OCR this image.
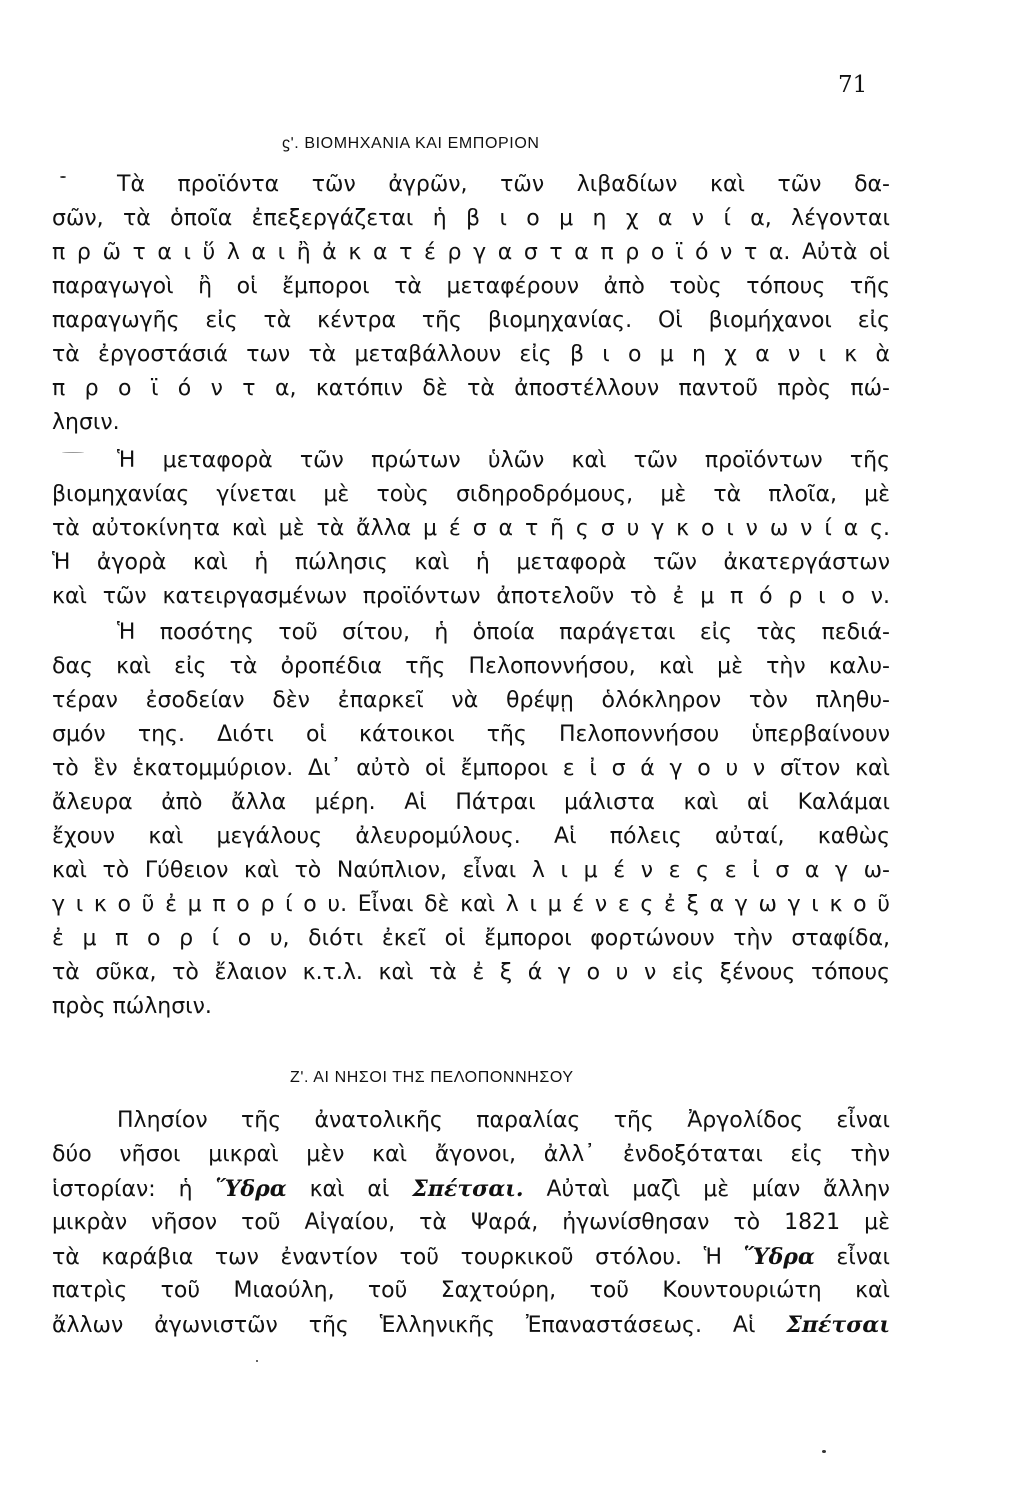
71
ϛʹ. ΒΙΟΜΗΧΑΝΙΑ ΚΑΙ ΕΜΠΟΡΙΟΝ
Τὰ προϊόντα τῶν ἀγρῶν, τῶν λιβαδίων καὶ τῶν δα-
σῶν, τὰ ὁποῖα ἐπεξεργάζεται ἡ β ι ο μ η χ α ν ί α, λέγονται
π ρ ῶ τ α ι ὕ λ α ι ἢ ἀ κ α τ έ ρ γ α σ τ α π ρ ο ϊ ό ν τ α. Αὐτὰ οἱ
παραγωγοὶ ἢ οἱ ἔμποροι τὰ μεταφέρουν ἀπὸ τοὺς τόπους τῆς
παραγωγῆς εἰς τὰ κέντρα τῆς βιομηχανίας. Οἱ βιομήχανοι εἰς
τὰ ἐργοστάσιά των τὰ μεταβάλλουν εἰς β ι ο μ η χ α ν ι κ ὰ
π ρ ο ϊ ό ν τ α, κατόπιν δὲ τὰ ἀποστέλλουν παντοῦ πρὸς πώ-
λησιν.
Ἡ μεταφορὰ τῶν πρώτων ὑλῶν καὶ τῶν προϊόντων τῆς
βιομηχανίας γίνεται μὲ τοὺς σιδηροδρόμους, μὲ τὰ πλοῖα, μὲ
τὰ αὐτοκίνητα καὶ μὲ τὰ ἄλλα μ έ σ α τ ῆ ς σ υ γ κ ο ι ν ω ν ί α ς.
Ἡ ἀγορὰ καὶ ἡ πώλησις καὶ ἡ μεταφορὰ τῶν ἀκατεργάστων
καὶ τῶν κατειργασμένων προϊόντων ἀποτελοῦν τὸ ἐ μ π ό ρ ι ο ν.
Ἡ ποσότης τοῦ σίτου, ἡ ὁποία παράγεται εἰς τὰς πεδιά-
δας καὶ εἰς τὰ ὀροπέδια τῆς Πελοποννήσου, καὶ μὲ τὴν καλυ-
τέραν ἐσοδείαν δὲν ἐπαρκεῖ νὰ θρέψῃ ὁλόκληρον τὸν πληθυ-
σμόν της. Διότι οἱ κάτοικοι τῆς Πελοποννήσου ὑπερβαίνουν
τὸ ἓν ἑκατομμύριον. Δι᾿ αὐτὸ οἱ ἔμποροι ε ἰ σ ά γ ο υ ν σῖτον καὶ
ἄλευρα ἀπὸ ἄλλα μέρη. Αἱ Πάτραι μάλιστα καὶ αἱ Καλάμαι
ἔχουν καὶ μεγάλους ἀλευρομύλους. Αἱ πόλεις αὐταί, καθὼς
καὶ τὸ Γύθειον καὶ τὸ Ναύπλιον, εἶναι λ ι μ έ ν ε ς ε ἰ σ α γ ω-
γ ι κ ο ῦ ἐ μ π ο ρ ί ο υ. Εἶναι δὲ καὶ λ ι μ έ ν ε ς ἐ ξ α γ ω γ ι κ ο ῦ
ἐ μ π ο ρ ί ο υ, διότι ἐκεῖ οἱ ἔμποροι φορτώνουν τὴν σταφίδα,
τὰ σῦκα, τὸ ἔλαιον κ.τ.λ. καὶ τὰ ἐ ξ ά γ ο υ ν εἰς ξένους τόπους
πρὸς πώλησιν.
Ζʹ. ΑΙ ΝΗΣΟΙ ΤΗΣ ΠΕΛΟΠΟΝΝΗΣΟΥ
Πλησίον τῆς ἀνατολικῆς παραλίας τῆς Ἀργολίδος εἶναι
δύο νῆσοι μικραὶ μὲν καὶ ἄγονοι, ἀλλ᾿ ἐνδοξόταται εἰς τὴν
ἱστορίαν: ἡ Ὕδρα καὶ αἱ Σπέτσαι. Αὐταὶ μαζὶ μὲ μίαν ἄλλην
μικρὰν νῆσον τοῦ Αἰγαίου, τὰ Ψαρά, ἠγωνίσθησαν τὸ 1821 μὲ
τὰ καράβια των ἐναντίον τοῦ τουρκικοῦ στόλου. Ἡ Ὕδρα εἶναι
πατρὶς τοῦ Μιαούλη, τοῦ Σαχτούρη, τοῦ Κουντουριώτη καὶ
ἄλλων ἀγωνιστῶν τῆς Ἑλληνικῆς Ἐπαναστάσεως. Αἱ Σπέτσαι
